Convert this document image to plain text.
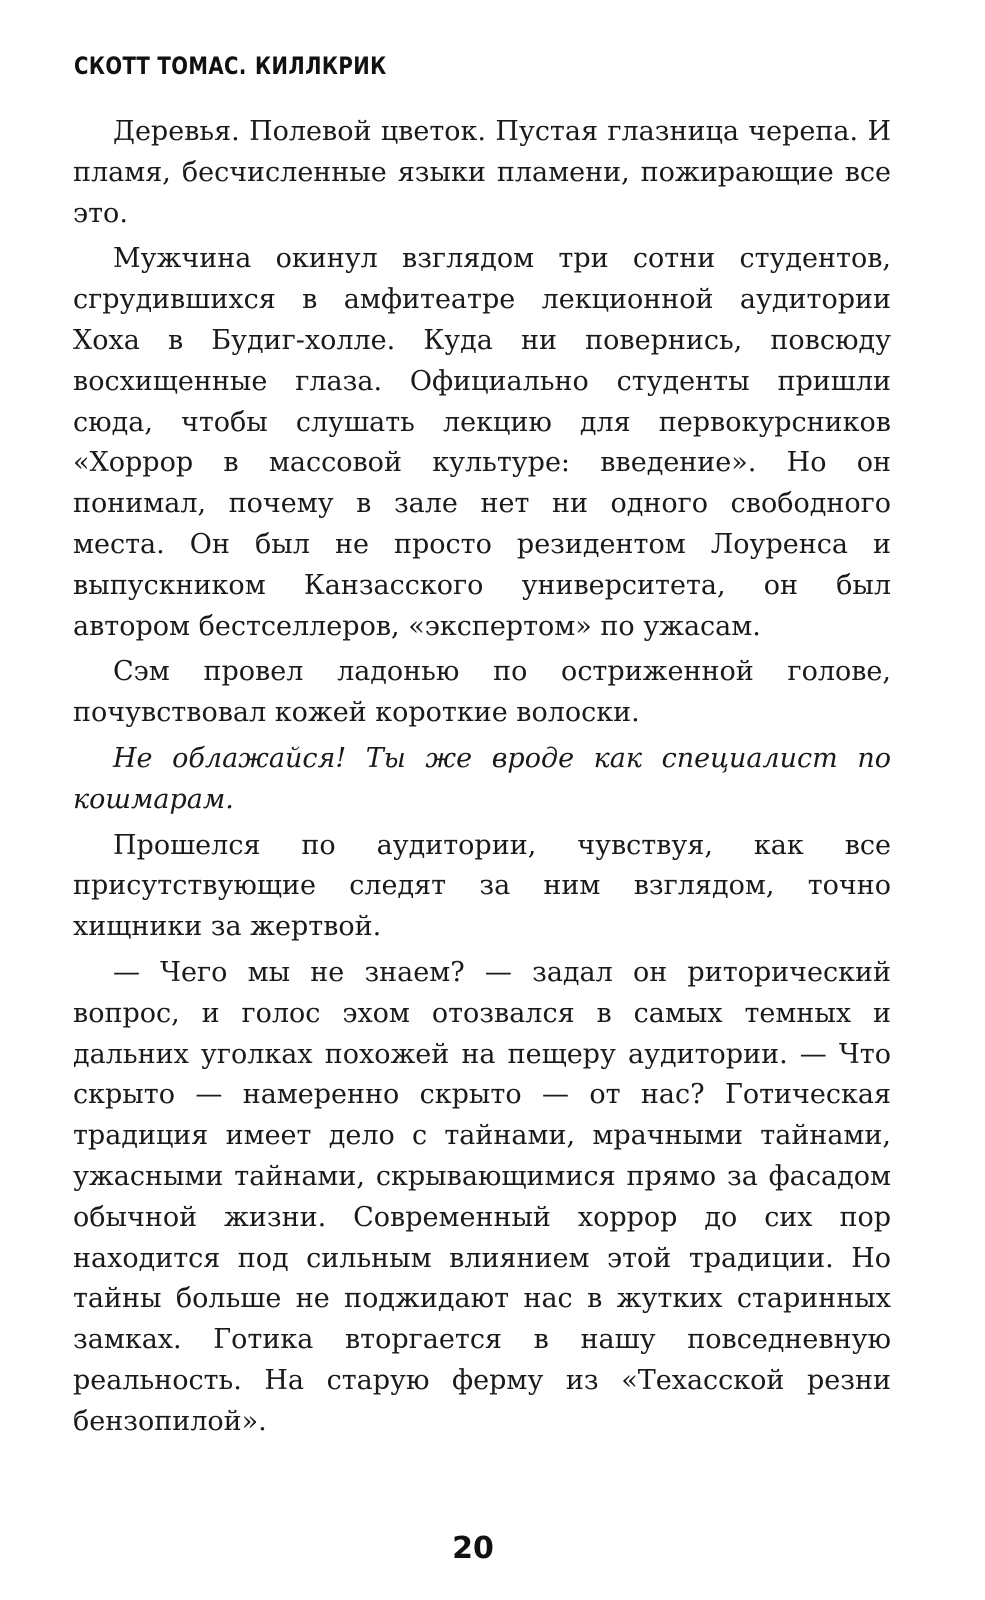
СКОТТ ТОМАС. КИЛЛКРИК

Деревья. Полевой цветок. Пустая глазница черепа. И пламя, бесчисленные языки пламени, пожирающие все это.

Мужчина окинул взглядом три сотни студентов, сгрудившихся в амфитеатре лекционной аудитории Хоха в Будиг-холле. Куда ни повернись, повсюду восхищенные глаза. Официально студенты пришли сюда, чтобы слушать лекцию для первокурсников «Хоррор в массовой культуре: введение». Но он понимал, почему в зале нет ни одного свободного места. Он был не просто резидентом Лоуренса и выпускником Канзасского университета, он был автором бестселлеров, «экспертом» по ужасам.

Сэм провел ладонью по остриженной голове, почувствовал кожей короткие волоски.

Не облажайся! Ты же вроде как специалист по кошмарам.

Прошелся по аудитории, чувствуя, как все присутствующие следят за ним взглядом, точно хищники за жертвой.

— Чего мы не знаем? — задал он риторический вопрос, и голос эхом отозвался в самых темных и дальних уголках похожей на пещеру аудитории. — Что скрыто — намеренно скрыто — от нас? Готическая традиция имеет дело с тайнами, мрачными тайнами, ужасными тайнами, скрывающимися прямо за фасадом обычной жизни. Современный хоррор до сих пор находится под сильным влиянием этой традиции. Но тайны больше не поджидают нас в жутких старинных замках. Готика вторгается в нашу повседневную реальность. На старую ферму из «Техасской резни бензопилой».

20
